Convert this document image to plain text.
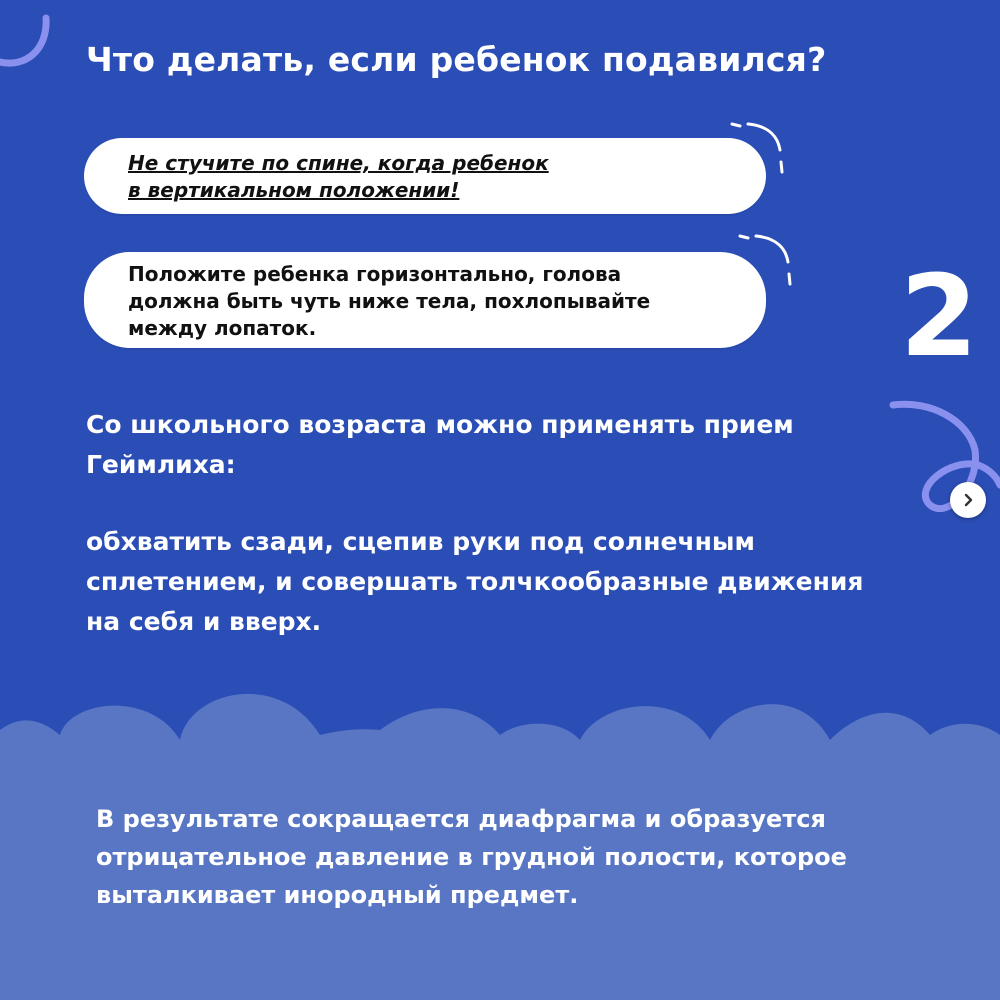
Что делать, если ребенок подавился?
Не стучите по спине, когда ребенок
в вертикальном положении!
Положите ребенка горизонтально, голова
должна быть чуть ниже тела, похлопывайте
между лопаток.	2

Со школьного возраста можно применять прием
Геймлиха:

обхватить сзади, сцепив руки под солнечным
сплетением, и совершать толчкообразные движения
на себя и вверх.

В результате сокращается диафрагма и образуется
отрицательное давление в грудной полости, которое
выталкивает инородный предмет.
